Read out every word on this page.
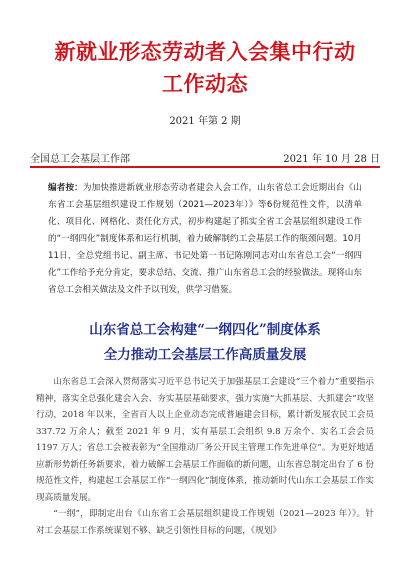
新就业形态劳动者入会集中行动
工作动态
2021 年第 2 期
全国总工会基层工作部	2021 年 10 月 28 日
编者按：为加快推进新就业形态劳动者建会入会工作，山东省总工会近期出台《山东省工会基层组织建设工作规划（2021—2023年）》等6份规范性文件，以清单化、项目化、网格化、责任化方式，初步构建起了抓实全省工会基层组织建设工作的“一纲四化”制度体系和运行机制，着力破解制约工会基层工作的瓶颈问题。10月11日，全总党组书记、副主席、书记处第一书记陈刚同志对山东省总工会“一纲四化”工作给予充分肯定，要求总结、交流、推广山东省总工会的经验做法。现将山东省总工会相关做法及文件予以刊发，供学习借鉴。
山东省总工会构建“一纲四化”制度体系
全力推动工会基层工作高质量发展

山东省总工会深入贯彻落实习近平总书记关于加强基层工会建设“三个着力”重要指示精神，落实全总强化建会入会、夯实基层基础要求，强力实施“大抓基层、大抓建会”攻坚行动，2018 年以来，全省百人以上企业动态完成普遍建会目标，累计新发展农民工会员 337.72 万余人；截至 2021 年 9 月，实有基层工会组织 9.8 万余个、实名工会会员 1197 万人；省总工会被表彰为“全国推动厂务公开民主管理工作先进单位”。为更好地适应新形势新任务新要求，着力破解工会基层工作面临的新问题，山东省总制定出台了 6 份规范性文件，构建起工会基层工作“一纲四化”制度体系，推动新时代山东工会基层工作实现高质量发展。

“一纲”，即制定出台《山东省工会基层组织建设工作规划（2021—2023 年）》。针对工会基层工作系统谋划不够、缺乏引领性目标的问题，《规划》
